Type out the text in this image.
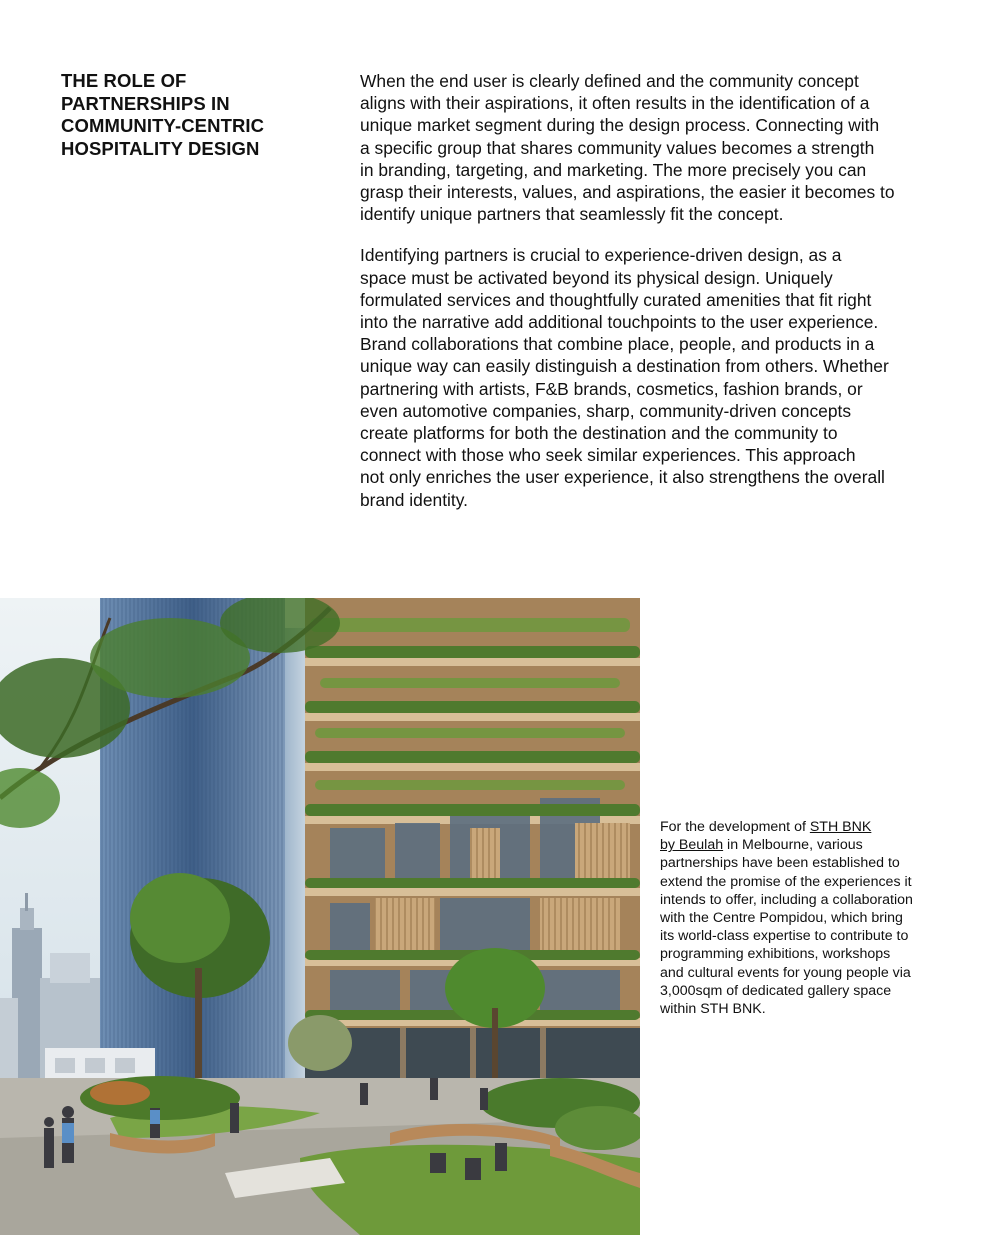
THE ROLE OF
PARTNERSHIPS IN
COMMUNITY-CENTRIC
HOSPITALITY DESIGN

When the end user is clearly defined and the community concept
aligns with their aspirations, it often results in the identification of a
unique market segment during the design process. Connecting with
a specific group that shares community values becomes a strength
in branding, targeting, and marketing. The more precisely you can
grasp their interests, values, and aspirations, the easier it becomes to
identify unique partners that seamlessly fit the concept.

Identifying partners is crucial to experience-driven design, as a
space must be activated beyond its physical design. Uniquely
formulated services and thoughtfully curated amenities that fit right
into the narrative add additional touchpoints to the user experience.
Brand collaborations that combine place, people, and products in a
unique way can easily distinguish a destination from others. Whether
partnering with artists, F&B brands, cosmetics, fashion brands, or
even automotive companies, sharp, community-driven concepts
create platforms for both the destination and the community to
connect with those who seek similar experiences. This approach
not only enriches the user experience, it also strengthens the overall
brand identity.

For the development of STH BNK
by Beulah in Melbourne, various
partnerships have been established to
extend the promise of the experiences it
intends to offer, including a collaboration
with the Centre Pompidou, which bring
its world-class expertise to contribute to
programming exhibitions, workshops
and cultural events for young people via
3,000sqm of dedicated gallery space
within STH BNK.
